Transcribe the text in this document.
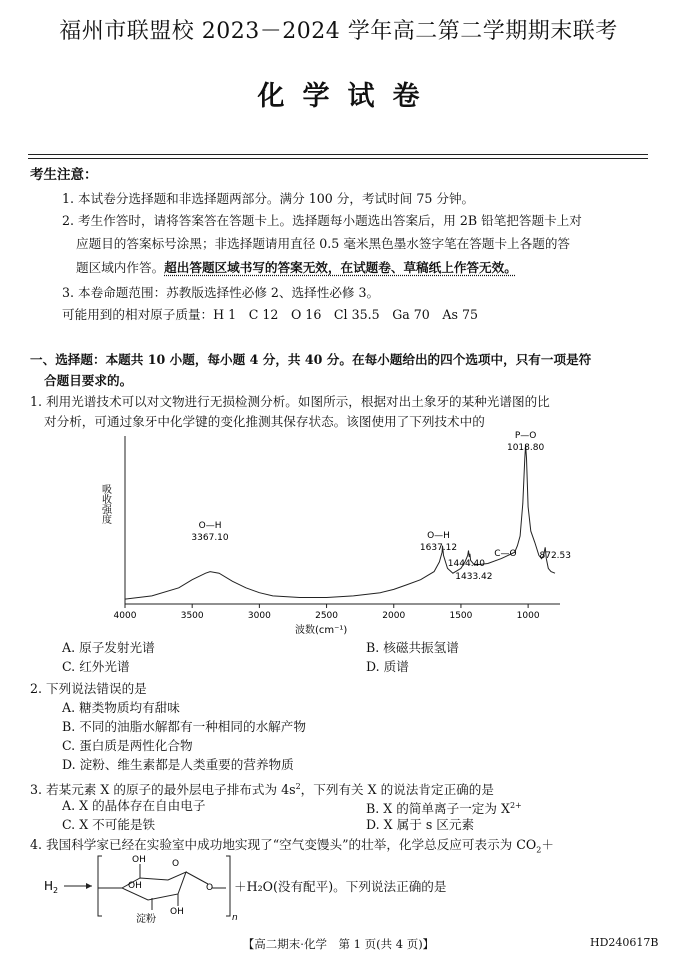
福州市联盟校 2023－2024 学年高二第二学期期末联考
化学试卷
考生注意：
1. 本试卷分选择题和非选择题两部分。满分 100 分，考试时间 75 分钟。
2. 考生作答时，请将答案答在答题卡上。选择题每小题选出答案后，用 2B 铅笔把答题卡上对
应题目的答案标号涂黑；非选择题请用直径 0.5 毫米黑色墨水签字笔在答题卡上各题的答
题区域内作答。超出答题区域书写的答案无效，在试题卷、草稿纸上作答无效。
3. 本卷命题范围：苏教版选择性必修 2、选择性必修 3。
可能用到的相对原子质量：H 1　C 12　O 16　Cl 35.5　Ga 70　As 75
一、选择题：本题共 10 小题，每小题 4 分，共 40 分。在每小题给出的四个选项中，只有一项是符
合题目要求的。
1. 利用光谱技术可以对文物进行无损检测分析。如图所示，根据对出土象牙的某种光谱图的比
对分析，可通过象牙中化学键的变化推测其保存状态。该图使用了下列技术中的
4000	3500	3000	2500	2000	1500	1000
O—H
3367.10	O—H
1637.12
1444.40
1433.42
C—O
P—O
1018.80
872.53
吸收强度
波数(cm⁻¹)
A. 原子发射光谱	B. 核磁共振氢谱
C. 红外光谱	D. 质谱
2. 下列说法错误的是
A. 糖类物质均有甜味
B. 不同的油脂水解都有一种相同的水解产物
C. 蛋白质是两性化合物
D. 淀粉、维生素都是人类重要的营养物质
3. 若某元素 X 的原子的最外层电子排布式为 $4s^2$，下列有关 X 的说法肯定正确的是
A. X 的晶体存在自由电子	B. X 的简单离子一定为 $X^{2+}$
C. X 不可能是铁	D. X 属于 s 区元素
4. 我国科学家已经在实验室中成功地实现了“空气变馒头”的壮举，化学总反应可表示为 $CO_2+$
$H_2$
OH
OH
OH
O
O
淀粉	n
＋H₂O(没有配平)。下列说法正确的是
【高二期末·化学　第 1 页(共 4 页)】	HD240617B
